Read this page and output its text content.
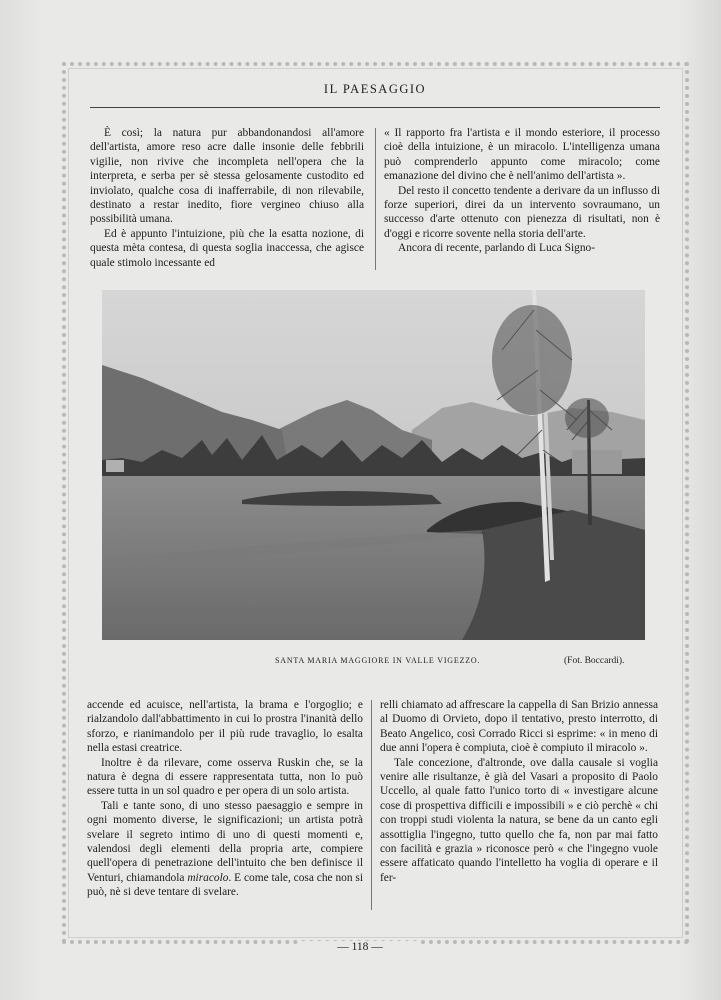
IL PAESAGGIO

È così; la natura pur abbandonandosi all'amore dell'artista, amore reso acre dalle insonie delle febbrili vigilie, non rivive che incompleta nell'opera che la interpreta, e serba per sè stessa gelosamente custodito ed inviolato, qualche cosa di inafferrabile, di non rilevabile, destinato a restar inedito, fiore vergineo chiuso alla possibilità umana.

Ed è appunto l'intuizione, più che la esatta nozione, di questa mèta contesa, di questa soglia inaccessa, che agisce quale stimolo incessante ed

« Il rapporto fra l'artista e il mondo esteriore, il processo cioè della intuizione, è un miracolo. L'intelligenza umana può comprenderlo appunto come miracolo; come emanazione del divino che è nell'animo dell'artista ».

Del resto il concetto tendente a derivare da un influsso di forze superiori, direi da un intervento sovraumano, un successo d'arte ottenuto con pienezza di risultati, non è d'oggi e ricorre sovente nella storia dell'arte.

Ancora di recente, parlando di Luca Signo-

SANTA MARIA MAGGIORE IN VALLE VIGEZZO.	(Fot. Boccardi).

accende ed acuisce, nell'artista, la brama e l'orgoglio; e rialzandolo dall'abbattimento in cui lo prostra l'inanità dello sforzo, e rianimandolo per il più rude travaglio, lo esalta nella estasi creatrice.

Inoltre è da rilevare, come osserva Ruskin che, se la natura è degna di essere rappresentata tutta, non lo può essere tutta in un sol quadro e per opera di un solo artista.

Tali e tante sono, di uno stesso paesaggio e sempre in ogni momento diverse, le significazioni; un artista potrà svelare il segreto intimo di uno di questi momenti e, valendosi degli elementi della propria arte, compiere quell'opera di penetrazione dell'intuito che ben definisce il Venturi, chiamandola miracolo. E come tale, cosa che non si può, nè si deve tentare di svelare.

relli chiamato ad affrescare la cappella di San Brizio annessa al Duomo di Orvieto, dopo il tentativo, presto interrotto, di Beato Angelico, così Corrado Ricci si esprime: « in meno di due anni l'opera è compiuta, cioè è compiuto il miracolo ».

Tale concezione, d'altronde, ove dalla causale si voglia venire alle risultanze, è già del Vasari a proposito di Paolo Uccello, al quale fatto l'unico torto di « investigare alcune cose di prospettiva difficili e impossibili » e ciò perchè « chi con troppi studi violenta la natura, se bene da un canto egli assottiglia l'ingegno, tutto quello che fa, non par mai fatto con facilità e grazia » riconosce però « che l'ingegno vuole essere affaticato quando l'intelletto ha voglia di operare e il fer-

— 118 —
